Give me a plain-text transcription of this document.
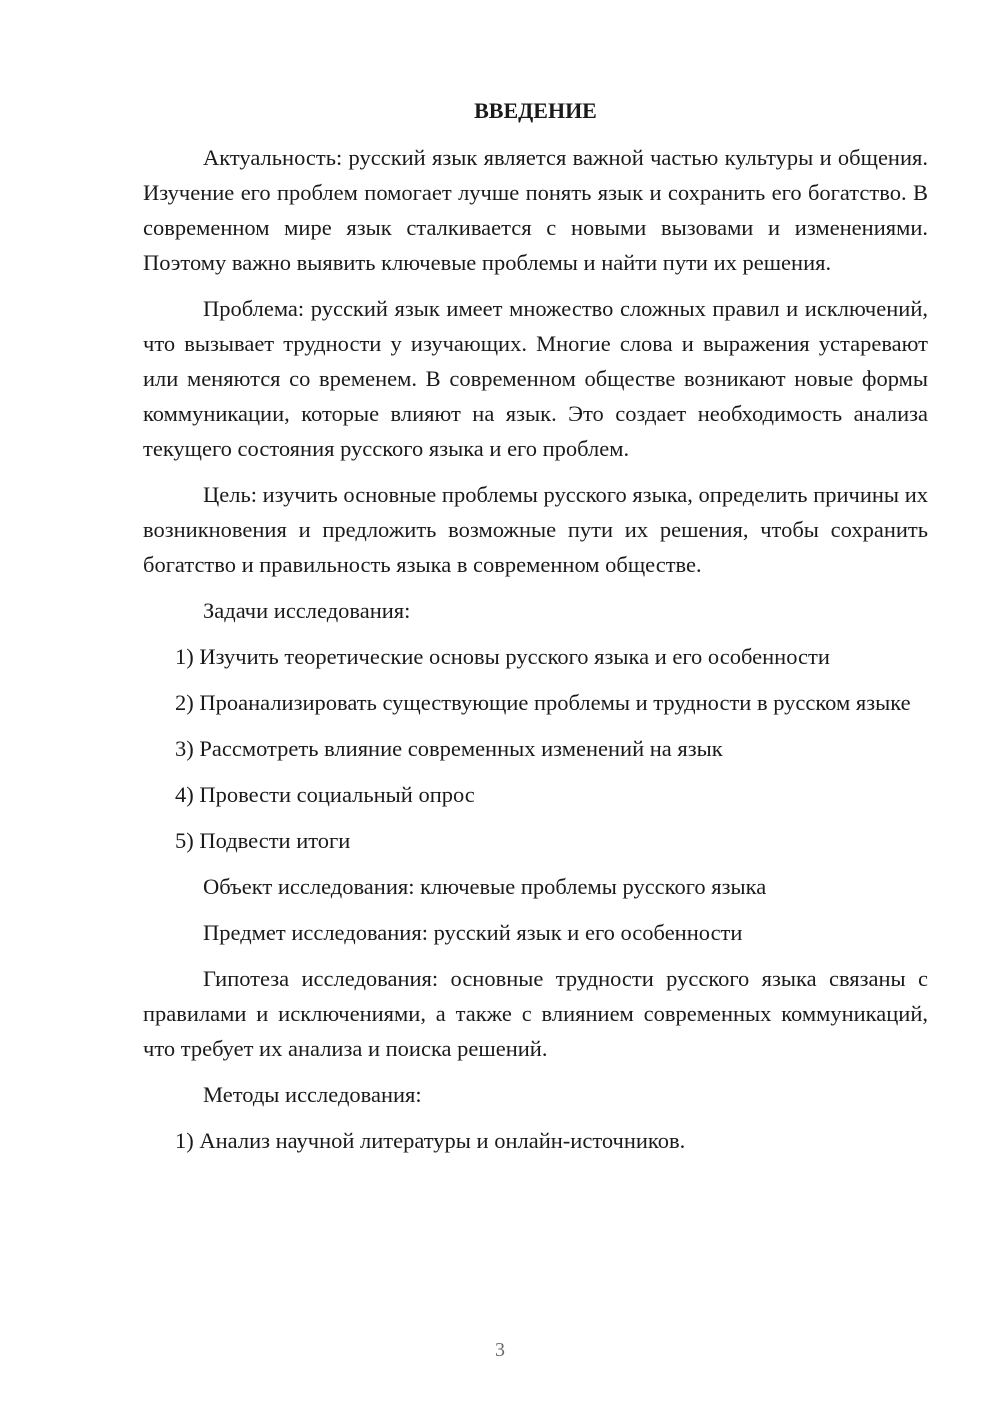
ВВЕДЕНИЕ

Актуальность: русский язык является важной частью культуры и общения. Изучение его проблем помогает лучше понять язык и сохранить его богатство. В современном мире язык сталкивается с новыми вызовами и изменениями. Поэтому важно выявить ключевые проблемы и найти пути их решения.

Проблема: русский язык имеет множество сложных правил и исключений, что вызывает трудности у изучающих. Многие слова и выражения устаревают или меняются со временем. В современном обществе возникают новые формы коммуникации, которые влияют на язык. Это создает необходимость анализа текущего состояния русского языка и его проблем.

Цель: изучить основные проблемы русского языка, определить причины их возникновения и предложить возможные пути их решения, чтобы сохранить богатство и правильность языка в современном обществе.

Задачи исследования:

1) Изучить теоретические основы русского языка и его особенности

2) Проанализировать существующие проблемы и трудности в русском языке

3) Рассмотреть влияние современных изменений на язык

4) Провести социальный опрос

5) Подвести итоги

Объект исследования: ключевые проблемы русского языка

Предмет исследования: русский язык и его особенности

Гипотеза исследования: основные трудности русского языка связаны с правилами и исключениями, а также с влиянием современных коммуникаций, что требует их анализа и поиска решений.

Методы исследования:

1) Анализ научной литературы и онлайн-источников.

3
